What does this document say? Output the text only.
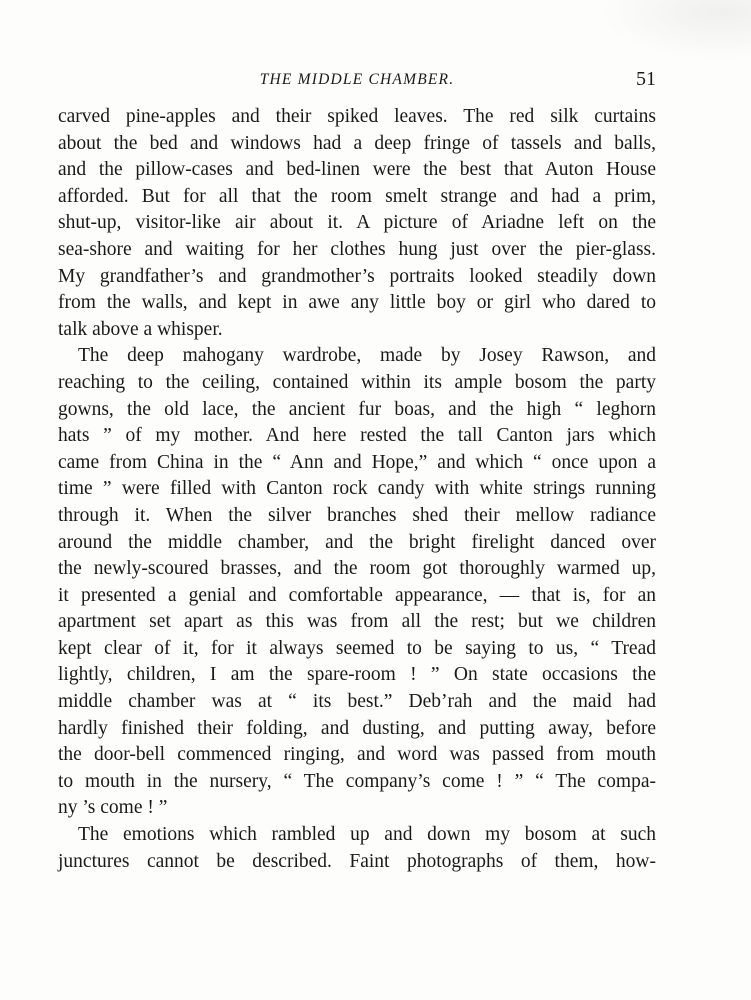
THE MIDDLE CHAMBER.	51
carved pine-apples and their spiked leaves. The red silk curtains
about the bed and windows had a deep fringe of tassels and balls,
and the pillow-cases and bed-linen were the best that Auton House
afforded. But for all that the room smelt strange and had a prim,
shut-up, visitor-like air about it. A picture of Ariadne left on the
sea-shore and waiting for her clothes hung just over the pier-glass.
My grandfather’s and grandmother’s portraits looked steadily down
from the walls, and kept in awe any little boy or girl who dared to
talk above a whisper.
The deep mahogany wardrobe, made by Josey Rawson, and
reaching to the ceiling, contained within its ample bosom the party
gowns, the old lace, the ancient fur boas, and the high “ leghorn
hats ” of my mother. And here rested the tall Canton jars which
came from China in the “ Ann and Hope,” and which “ once upon a
time ” were filled with Canton rock candy with white strings running
through it. When the silver branches shed their mellow radiance
around the middle chamber, and the bright firelight danced over
the newly-scoured brasses, and the room got thoroughly warmed up,
it presented a genial and comfortable appearance, — that is, for an
apartment set apart as this was from all the rest; but we children
kept clear of it, for it always seemed to be saying to us, “ Tread
lightly, children, I am the spare-room ! ” On state occasions the
middle chamber was at “ its best.” Deb’rah and the maid had
hardly finished their folding, and dusting, and putting away, before
the door-bell commenced ringing, and word was passed from mouth
to mouth in the nursery, “ The company’s come ! ” “ The compa-
ny ’s come ! ”
The emotions which rambled up and down my bosom at such
junctures cannot be described. Faint photographs of them, how-
